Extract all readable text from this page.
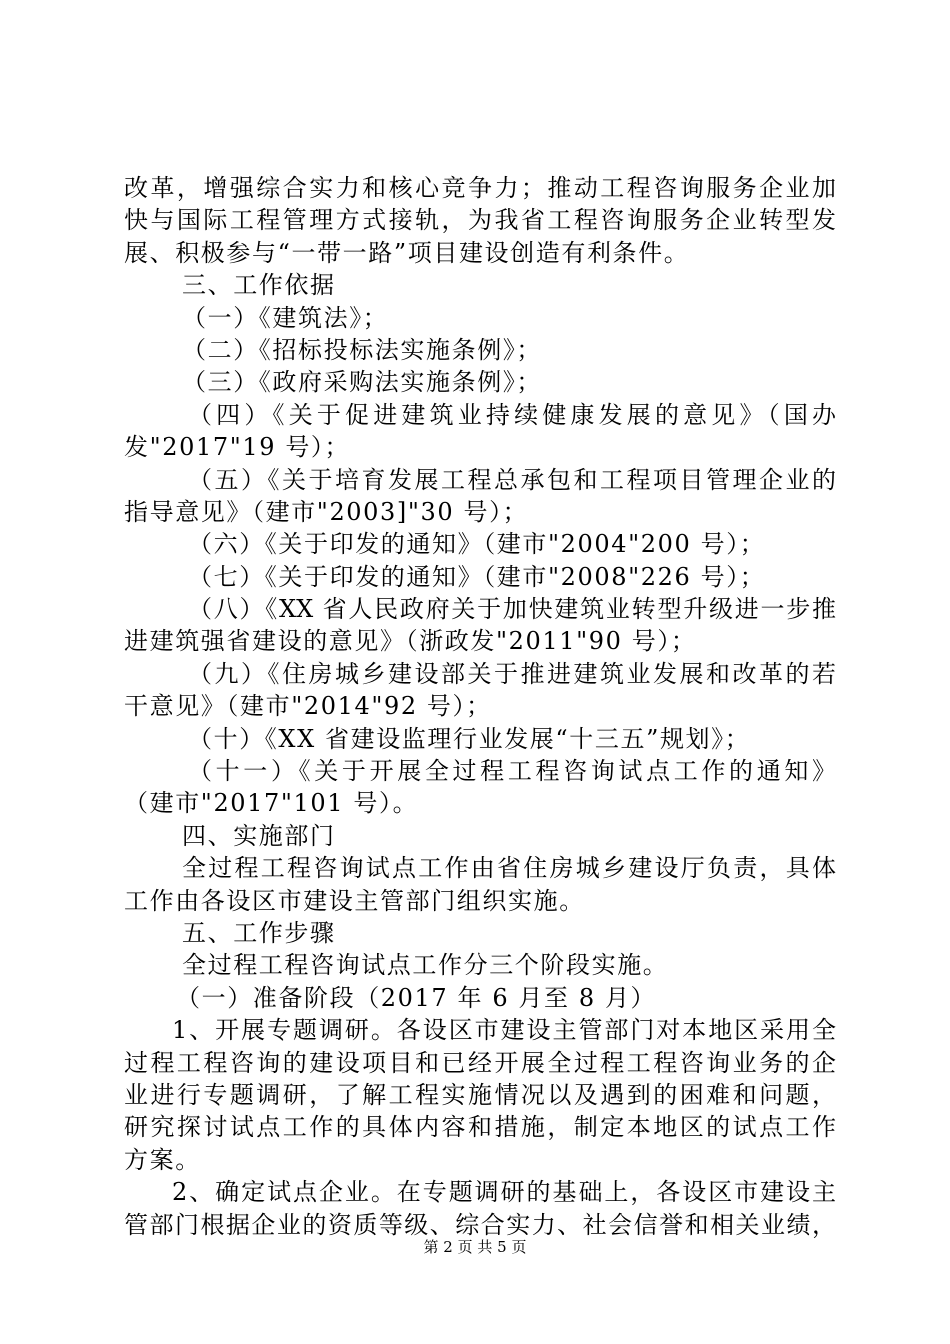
改革，增强综合实力和核心竞争力；推动工程咨询服务企业加
快与国际工程管理方式接轨，为我省工程咨询服务企业转型发
展、积极参与“一带一路”项目建设创造有利条件。
三、工作依据
（一）《建筑法》；
（二）《招标投标法实施条例》；
（三）《政府采购法实施条例》；
（四）《关于促进建筑业持续健康发展的意见》（国办
发"2017"19 号）；
（五）《关于培育发展工程总承包和工程项目管理企业的
指导意见》（建市"2003]"30 号）；
（六）《关于印发的通知》（建市"2004"200 号）；
（七）《关于印发的通知》（建市"2008"226 号）；
（八）《XX 省人民政府关于加快建筑业转型升级进一步推
进建筑强省建设的意见》（浙政发"2011"90 号）；
（九）《住房城乡建设部关于推进建筑业发展和改革的若
干意见》（建市"2014"92 号）；
（十）《XX 省建设监理行业发展“十三五”规划》；
（十一）《关于开展全过程工程咨询试点工作的通知》
（建市"2017"101 号）。
四、实施部门
全过程工程咨询试点工作由省住房城乡建设厅负责，具体
工作由各设区市建设主管部门组织实施。
五、工作步骤
全过程工程咨询试点工作分三个阶段实施。
（一）准备阶段（2017 年 6 月至 8 月）
1、开展专题调研。各设区市建设主管部门对本地区采用全
过程工程咨询的建设项目和已经开展全过程工程咨询业务的企
业进行专题调研，了解工程实施情况以及遇到的困难和问题，
研究探讨试点工作的具体内容和措施，制定本地区的试点工作
方案。
2、确定试点企业。在专题调研的基础上，各设区市建设主
管部门根据企业的资质等级、综合实力、社会信誉和相关业绩，
第 2 页 共 5 页
